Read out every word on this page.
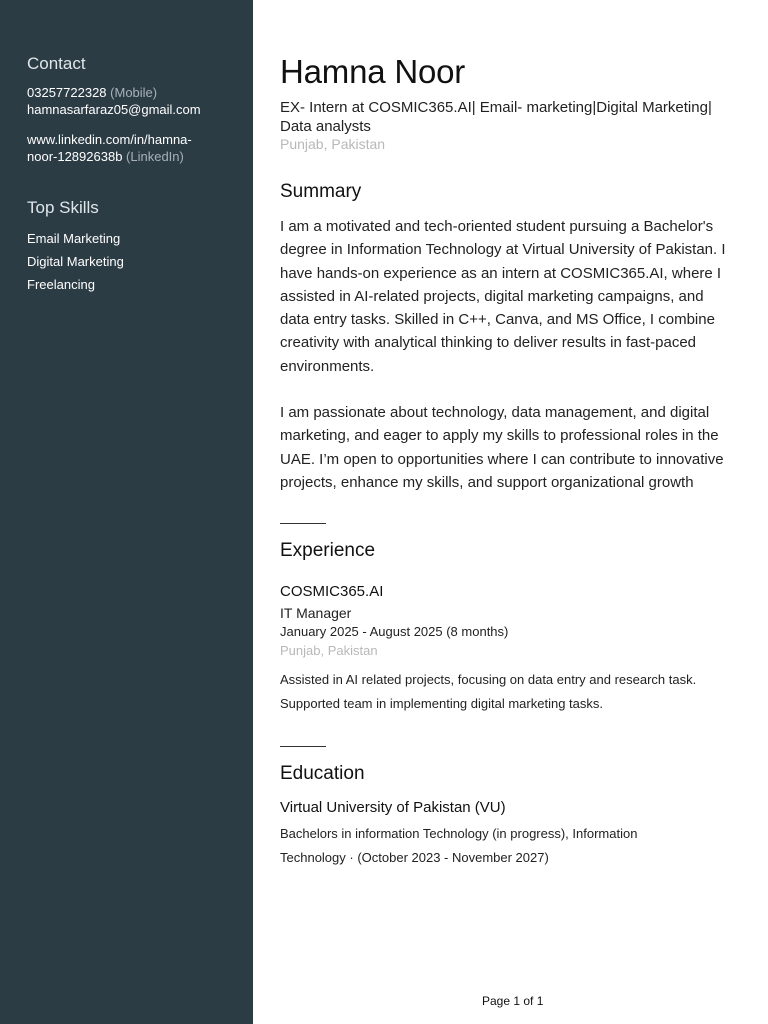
Contact
03257722328 (Mobile)
hamnasarfaraz05@gmail.com
www.linkedin.com/in/hamna-
noor-12892638b (LinkedIn)
Top Skills
Email Marketing
Digital Marketing
Freelancing
Hamna Noor
EX- Intern at COSMIC365.AI| Email- marketing|Digital Marketing| Data analysts
Punjab, Pakistan
Summary

I am a motivated and tech-oriented student pursuing a Bachelor's degree in Information Technology at Virtual University of Pakistan. I have hands-on experience as an intern at COSMIC365.AI, where I assisted in AI-related projects, digital marketing campaigns, and data entry tasks. Skilled in C++, Canva, and MS Office, I combine creativity with analytical thinking to deliver results in fast-paced environments.

I am passionate about technology, data management, and digital marketing, and eager to apply my skills to professional roles in the UAE. I’m open to opportunities where I can contribute to innovative projects, enhance my skills, and support organizational growth

Experience
COSMIC365.AI
IT Manager
January 2025 - August 2025 (8 months)
Punjab, Pakistan
Assisted in AI related projects, focusing on data entry and research task.
Supported team in implementing digital marketing tasks.
Education
Virtual University of Pakistan (VU)
Bachelors in information Technology (in progress), Information Technology · (October 2023 - November 2027)
Page 1 of 1
